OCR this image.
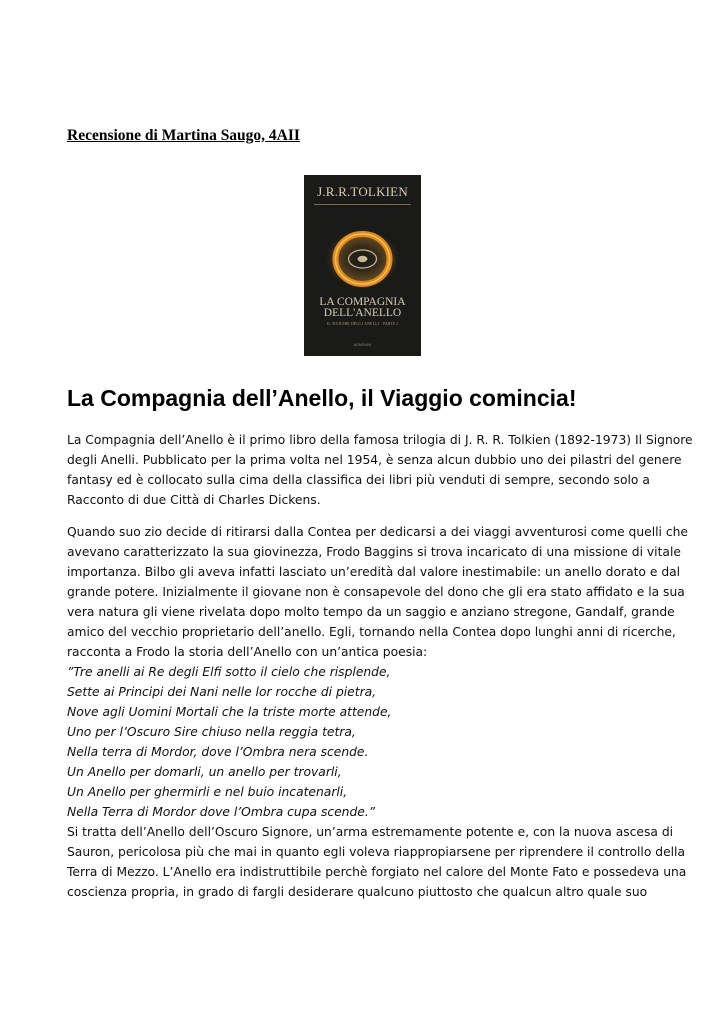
Recensione di Martina Saugo, 4AII
J.R.R.TOLKIEN
LA COMPAGNIA
DELL'ANELLO
IL SIGNORE DEGLI ANELLI · PARTE I
BOMPIANI
La Compagnia dell’Anello, il Viaggio comincia!

La Compagnia dell’Anello è il primo libro della famosa trilogia di J. R. R. Tolkien (1892-1973) Il Signore
degli Anelli. Pubblicato per la prima volta nel 1954, è senza alcun dubbio uno dei pilastri del genere
fantasy ed è collocato sulla cima della classifica dei libri più venduti di sempre, secondo solo a
Racconto di due Città di Charles Dickens.

Quando suo zio decide di ritirarsi dalla Contea per dedicarsi a dei viaggi avventurosi come quelli che
avevano caratterizzato la sua giovinezza, Frodo Baggins si trova incaricato di una missione di vitale
importanza. Bilbo gli aveva infatti lasciato un’eredità dal valore inestimabile: un anello dorato e dal
grande potere. Inizialmente il giovane non è consapevole del dono che gli era stato affidato e la sua
vera natura gli viene rivelata dopo molto tempo da un saggio e anziano stregone, Gandalf, grande
amico del vecchio proprietario dell’anello. Egli, tornando nella Contea dopo lunghi anni di ricerche,
racconta a Frodo la storia dell’Anello con un’antica poesia:

”Tre anelli ai Re degli Elfi sotto il cielo che risplende,
Sette ai Principi dei Nani nelle lor rocche di pietra,
Nove agli Uomini Mortali che la triste morte attende,
Uno per l’Oscuro Sire chiuso nella reggia tetra,
Nella terra di Mordor, dove l’Ombra nera scende.
Un Anello per domarli, un anello per trovarli,
Un Anello per ghermirli e nel buio incatenarli,
Nella Terra di Mordor dove l’Ombra cupa scende.”

Si tratta dell’Anello dell’Oscuro Signore, un’arma estremamente potente e, con la nuova ascesa di
Sauron, pericolosa più che mai in quanto egli voleva riappropiarsene per riprendere il controllo della
Terra di Mezzo. L’Anello era indistruttibile perchè forgiato nel calore del Monte Fato e possedeva una
coscienza propria, in grado di fargli desiderare qualcuno piuttosto che qualcun altro quale suo
